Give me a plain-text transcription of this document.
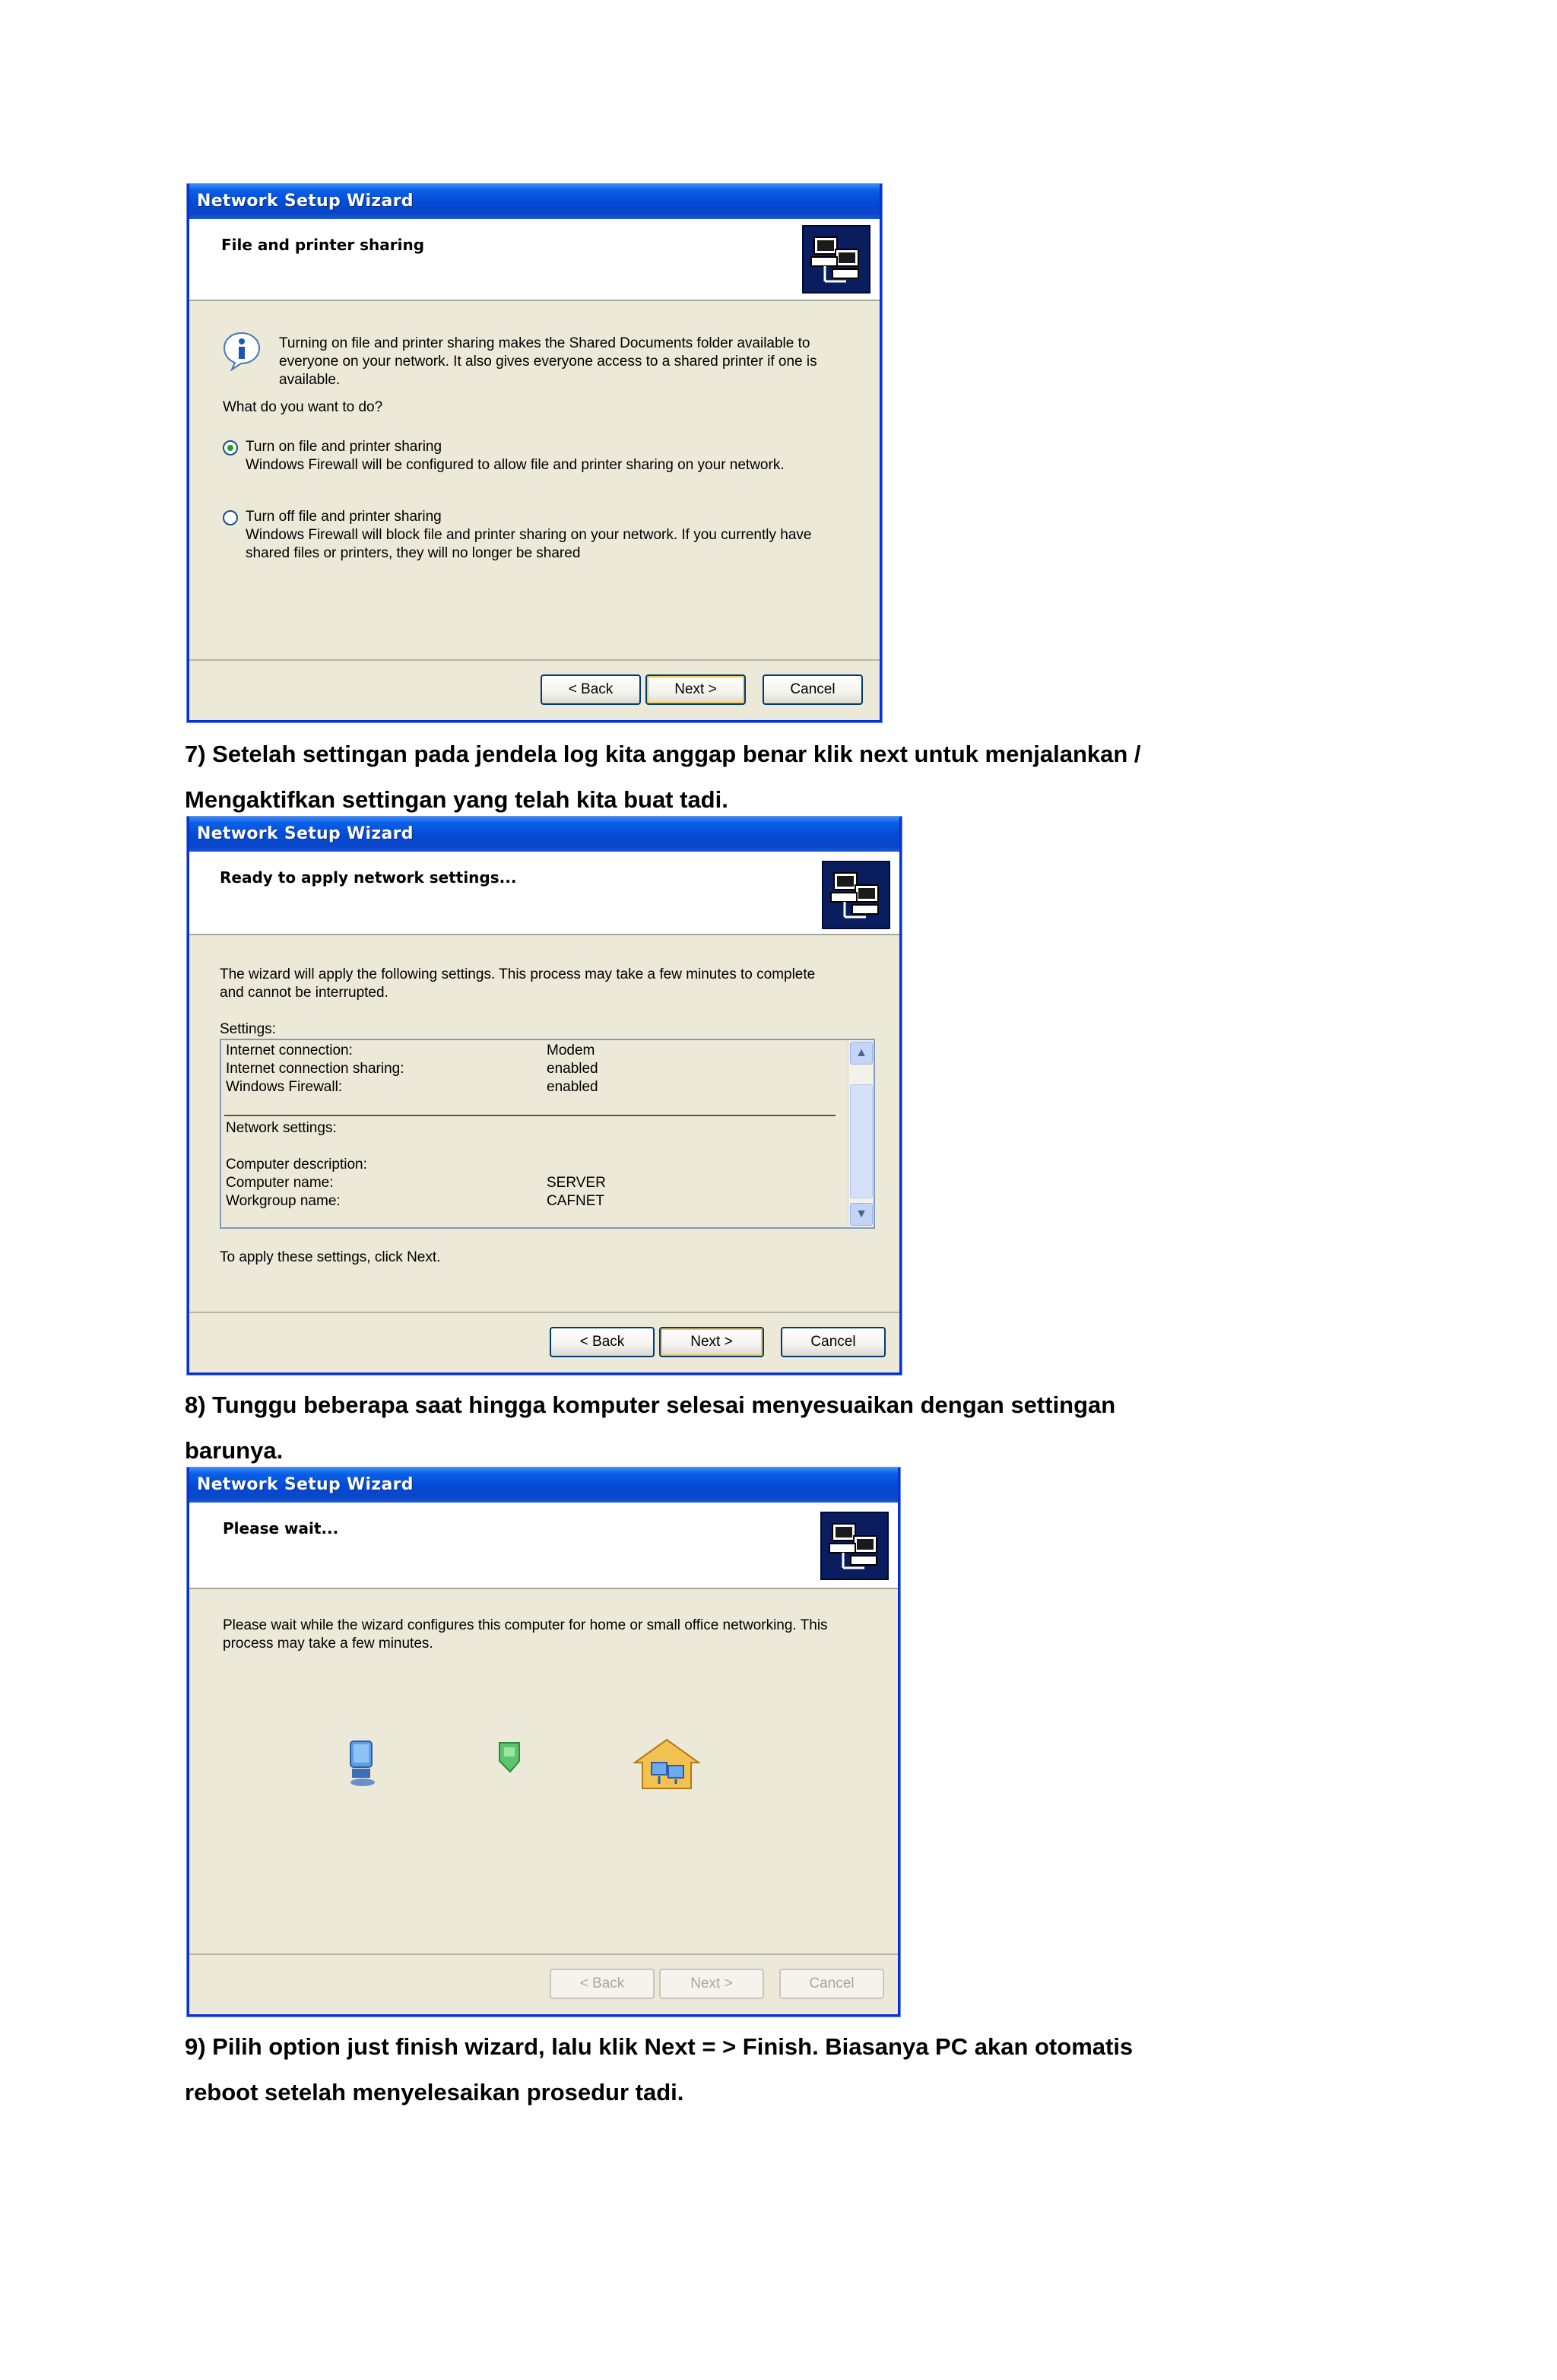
Network Setup Wizard
File and printer sharing
Turning on file and printer sharing makes the Shared Documents folder available to
everyone on your network. It also gives everyone access to a shared printer if one is
available.
What do you want to do?
Turn on file and printer sharing
Windows Firewall will be configured to allow file and printer sharing on your network.
Turn off file and printer sharing
Windows Firewall will block file and printer sharing on your network. If you currently have
shared files or printers, they will no longer be shared
< Back	Next >	Cancel
7) Setelah settingan pada jendela log kita anggap benar klik next untuk menjalankan /
Mengaktifkan settingan yang telah kita buat tadi.
Network Setup Wizard
Ready to apply network settings...
The wizard will apply the following settings. This process may take a few minutes to complete
and cannot be interrupted.
Settings:
Internet connection:	Modem
Internet connection sharing:	enabled
Windows Firewall:	enabled
Network settings:
Computer description:
Computer name:	SERVER
Workgroup name:	CAFNET
▲
▼
To apply these settings, click Next.
< Back	Next >	Cancel
8) Tunggu beberapa saat hingga komputer selesai menyesuaikan dengan settingan
barunya.
Network Setup Wizard
Please wait...
Please wait while the wizard configures this computer for home or small office networking. This
process may take a few minutes.
< Back	Next >	Cancel
9) Pilih option just finish wizard, lalu klik Next = > Finish. Biasanya PC akan otomatis
reboot setelah menyelesaikan prosedur tadi.
